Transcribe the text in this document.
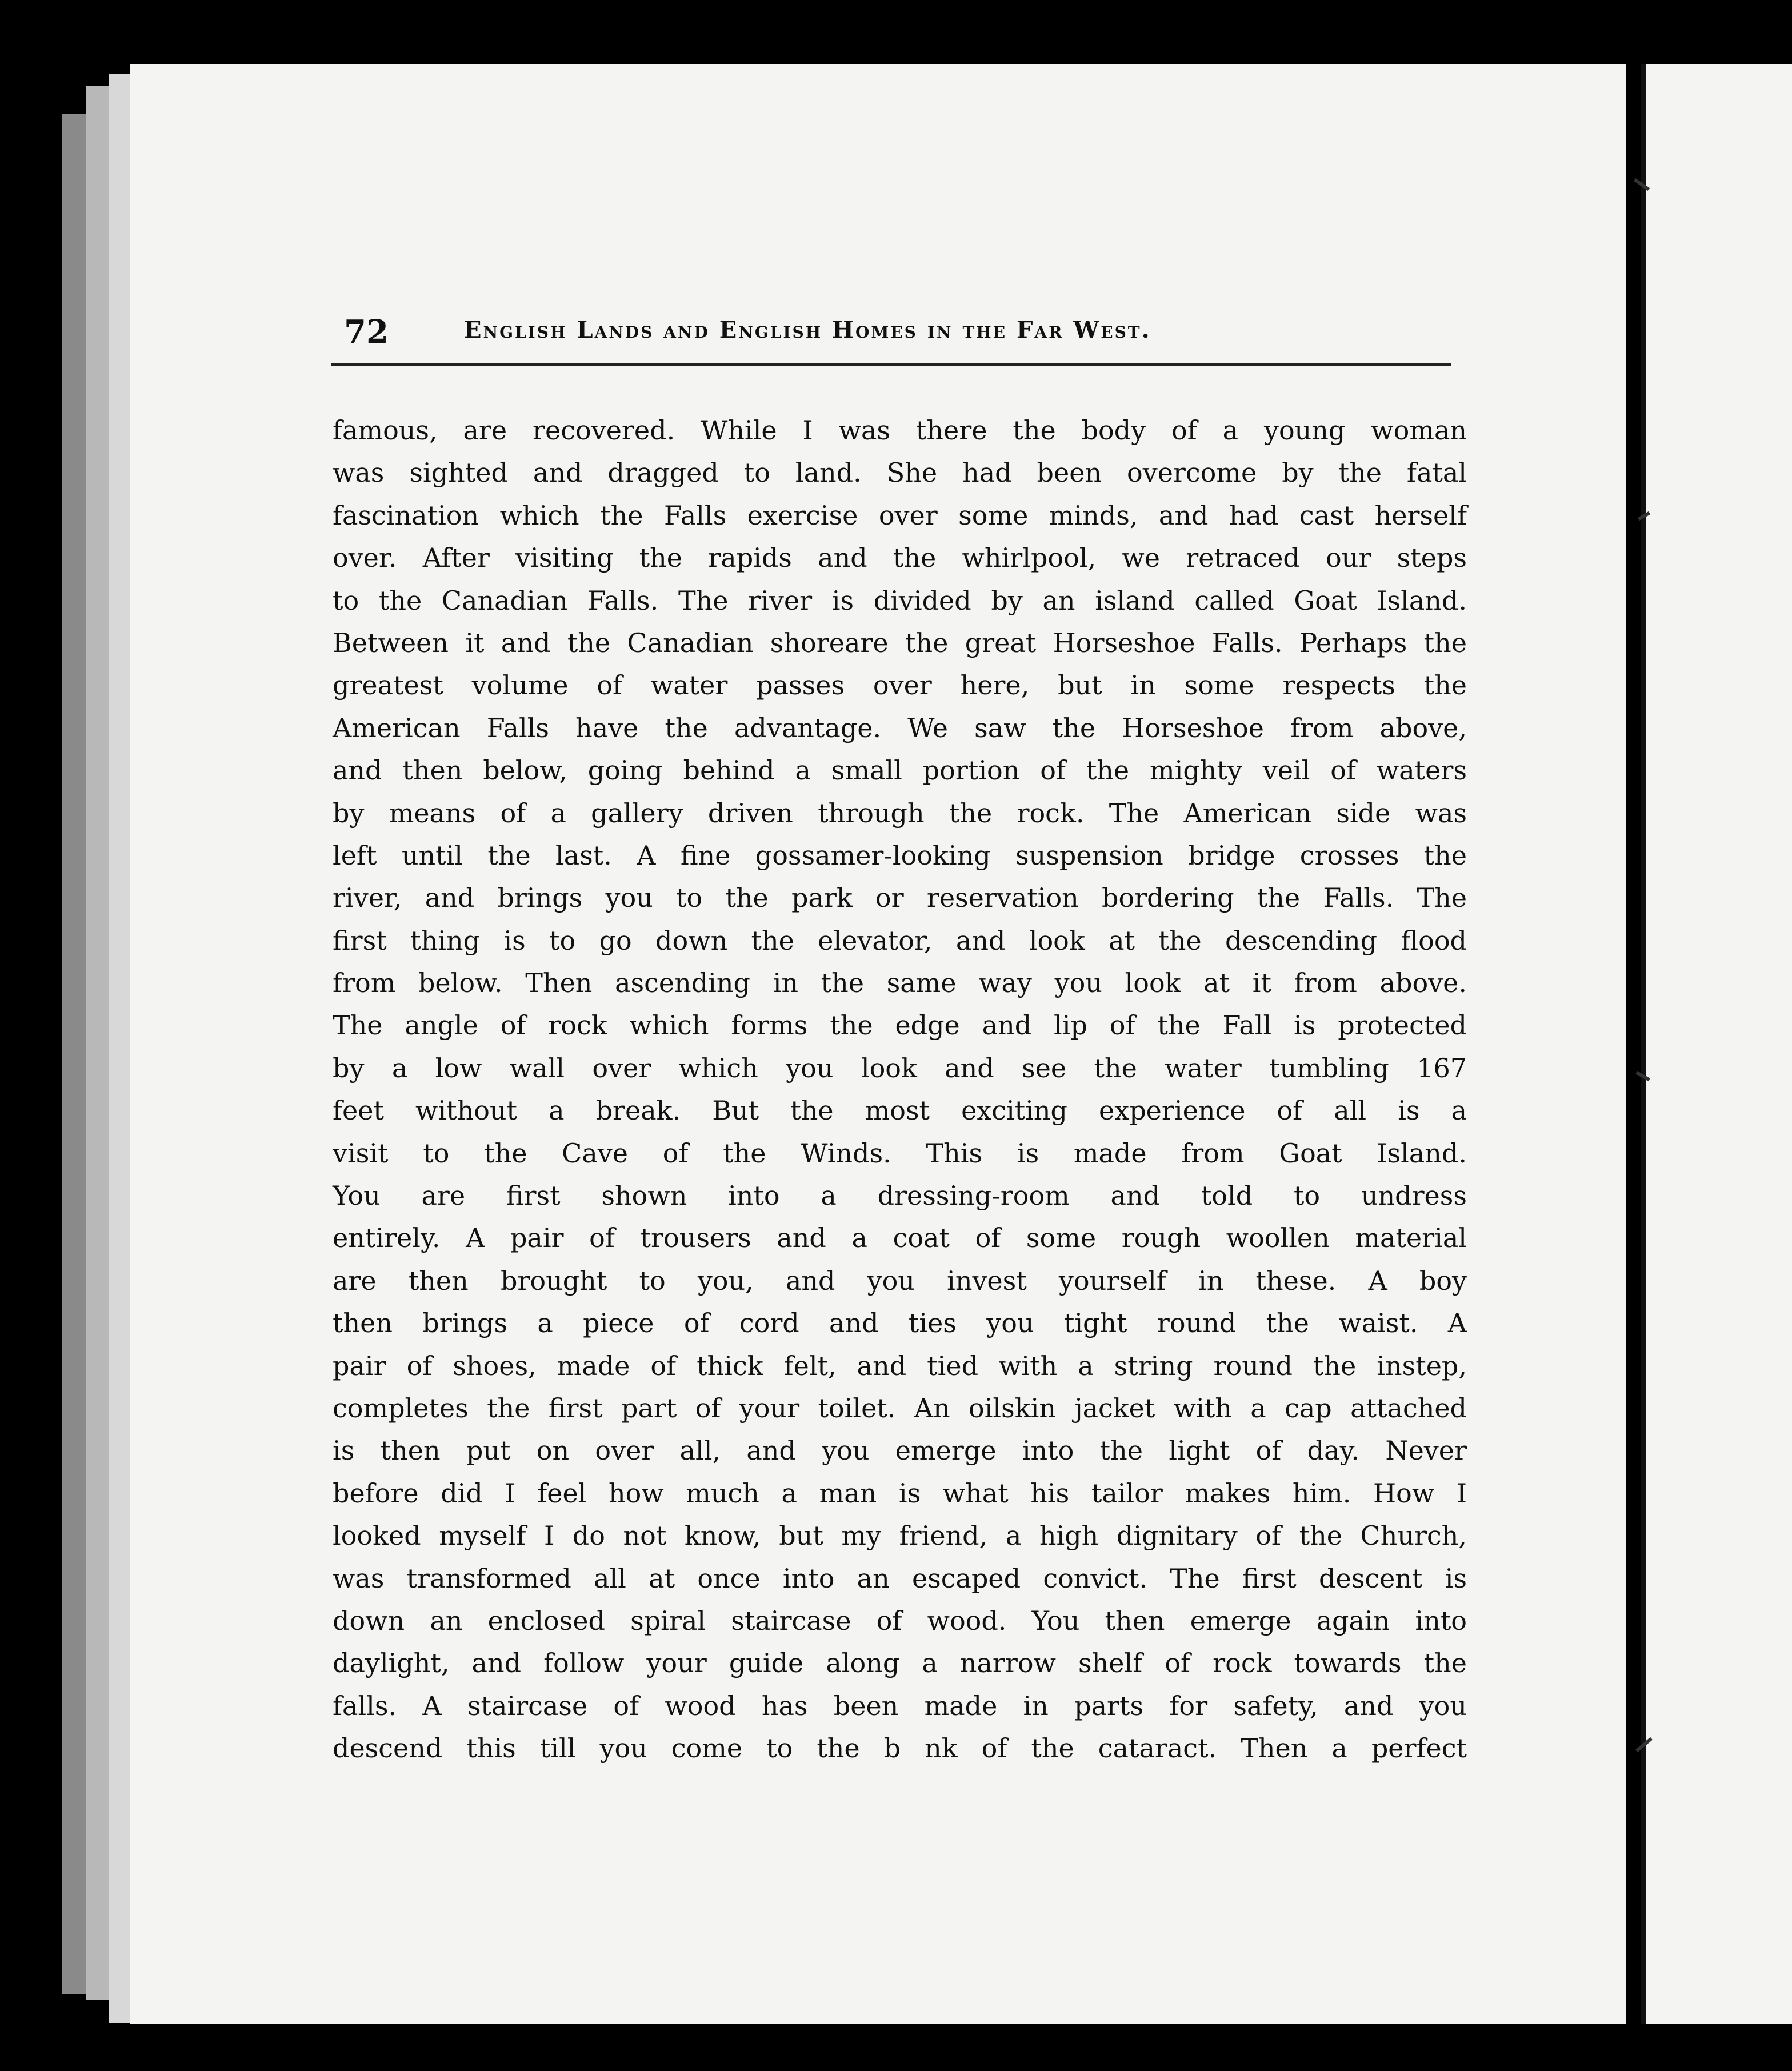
72	English Lands and English Homes in the Far West.
famous, are recovered. While I was there the body of a young woman
was sighted and dragged to land. She had been overcome by the fatal
fascination which the Falls exercise over some minds, and had cast herself
over. After visiting the rapids and the whirlpool, we retraced our steps
to the Canadian Falls. The river is divided by an island called Goat Island.
Between it and the Canadian shoreare the great Horseshoe Falls. Perhaps the
greatest volume of water passes over here, but in some respects the
American Falls have the advantage. We saw the Horseshoe from above,
and then below, going behind a small portion of the mighty veil of waters
by means of a gallery driven through the rock. The American side was
left until the last. A fine gossamer-looking suspension bridge crosses the
river, and brings you to the park or reservation bordering the Falls. The
first thing is to go down the elevator, and look at the descending flood
from below. Then ascending in the same way you look at it from above.
The angle of rock which forms the edge and lip of the Fall is protected
by a low wall over which you look and see the water tumbling 167
feet without a break. But the most exciting experience of all is a
visit to the Cave of the Winds. This is made from Goat Island.
You are first shown into a dressing-room and told to undress
entirely. A pair of trousers and a coat of some rough woollen material
are then brought to you, and you invest yourself in these. A boy
then brings a piece of cord and ties you tight round the waist. A
pair of shoes, made of thick felt, and tied with a string round the instep,
completes the first part of your toilet. An oilskin jacket with a cap attached
is then put on over all, and you emerge into the light of day. Never
before did I feel how much a man is what his tailor makes him. How I
looked myself I do not know, but my friend, a high dignitary of the Church,
was transformed all at once into an escaped convict. The first descent is
down an enclosed spiral staircase of wood. You then emerge again into
daylight, and follow your guide along a narrow shelf of rock towards the
falls. A staircase of wood has been made in parts for safety, and you
descend this till you come to the b nk of the cataract. Then a perfect
